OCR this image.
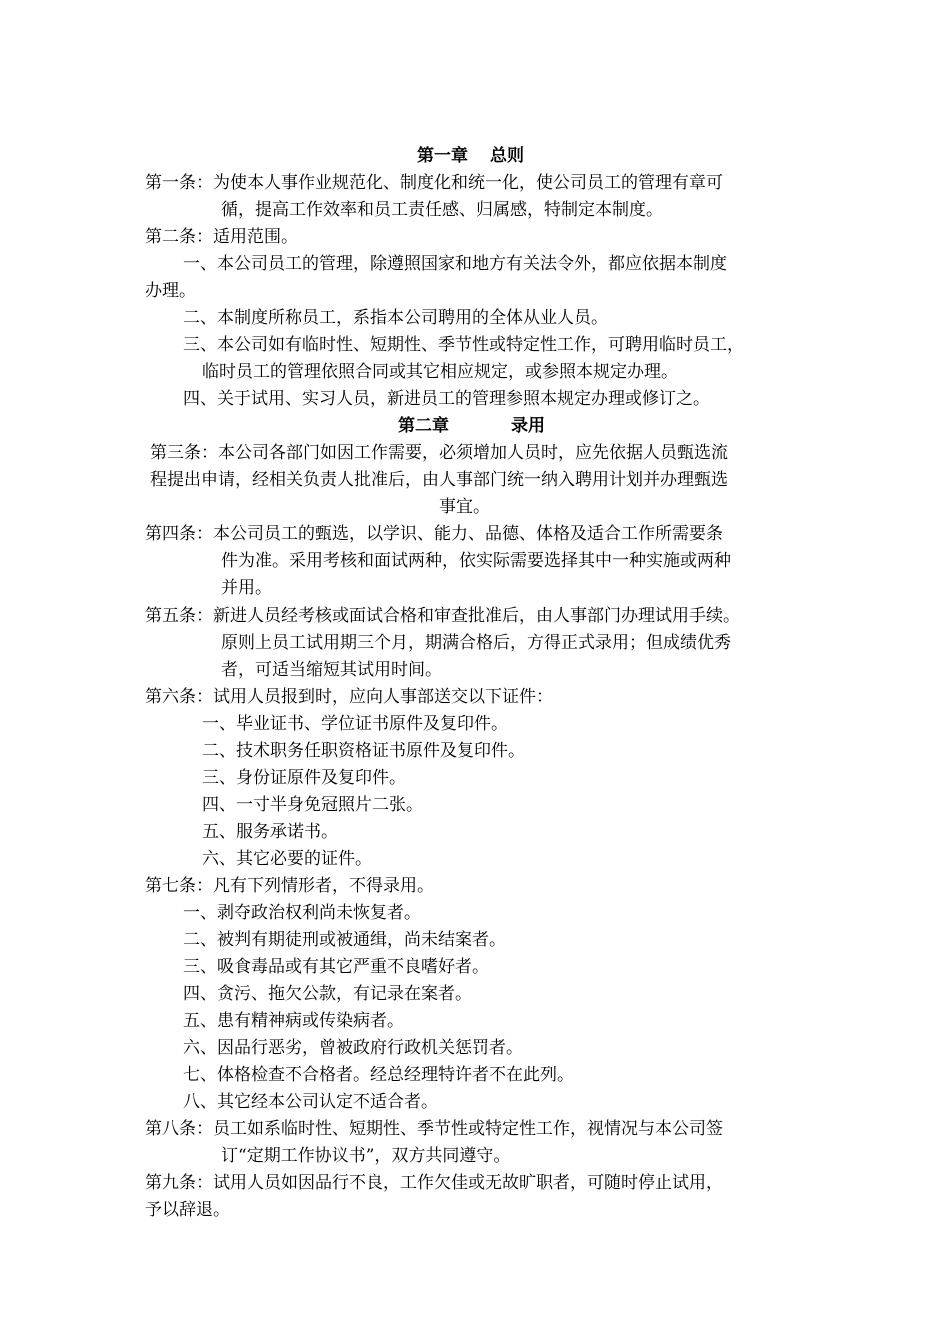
第一章 总则
第一条：为使本人事作业规范化、制度化和统一化，使公司员工的管理有章可
循，提高工作效率和员工责任感、归属感，特制定本制度。
第二条：适用范围。
一、本公司员工的管理，除遵照国家和地方有关法令外，都应依据本制度
办理。
二、本制度所称员工，系指本公司聘用的全体从业人员。
三、本公司如有临时性、短期性、季节性或特定性工作，可聘用临时员工，
临时员工的管理依照合同或其它相应规定，或参照本规定办理。
四、关于试用、实习人员，新进员工的管理参照本规定办理或修订之。
第二章	录用
第三条：本公司各部门如因工作需要，必须增加人员时，应先依据人员甄选流
程提出申请，经相关负责人批准后，由人事部门统一纳入聘用计划并办理甄选
事宜。
第四条：本公司员工的甄选，以学识、能力、品德、体格及适合工作所需要条
件为准。采用考核和面试两种，依实际需要选择其中一种实施或两种
并用。
第五条：新进人员经考核或面试合格和审查批准后，由人事部门办理试用手续。
原则上员工试用期三个月，期满合格后，方得正式录用；但成绩优秀
者，可适当缩短其试用时间。
第六条：试用人员报到时，应向人事部送交以下证件：
一、毕业证书、学位证书原件及复印件。
二、技术职务任职资格证书原件及复印件。
三、身份证原件及复印件。
四、一寸半身免冠照片二张。
五、服务承诺书。
六、其它必要的证件。
第七条：凡有下列情形者，不得录用。
一、剥夺政治权利尚未恢复者。
二、被判有期徒刑或被通缉，尚未结案者。
三、吸食毒品或有其它严重不良嗜好者。
四、贪污、拖欠公款，有记录在案者。
五、患有精神病或传染病者。
六、因品行恶劣，曾被政府行政机关惩罚者。
七、体格检查不合格者。经总经理特许者不在此列。
八、其它经本公司认定不适合者。
第八条：员工如系临时性、短期性、季节性或特定性工作，视情况与本公司签
订“定期工作协议书”，双方共同遵守。
第九条：试用人员如因品行不良，工作欠佳或无故旷职者，可随时停止试用，
予以辞退。
